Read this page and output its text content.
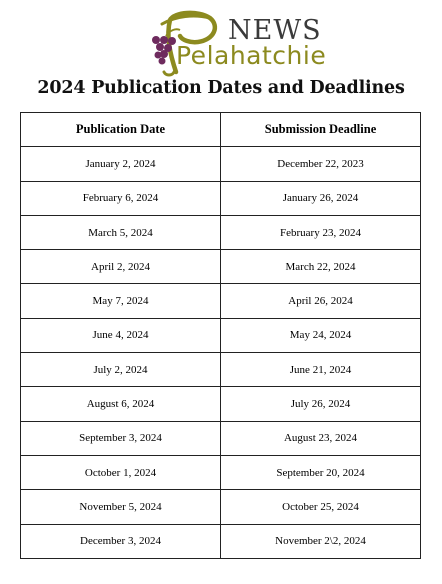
NEWS
Pelahatchie
2024 Publication Dates and Deadlines
Publication Date	Submission Deadline
January 2, 2024	December 22, 2023
February 6, 2024	January 26, 2024
March 5, 2024	February 23, 2024
April 2, 2024	March 22, 2024
May 7, 2024	April 26, 2024
June 4, 2024	May 24, 2024
July 2, 2024	June 21, 2024
August 6, 2024	July 26, 2024
September 3, 2024	August 23, 2024
October 1, 2024	September 20, 2024
November 5, 2024	October 25, 2024
December 3, 2024	November 2\2, 2024
